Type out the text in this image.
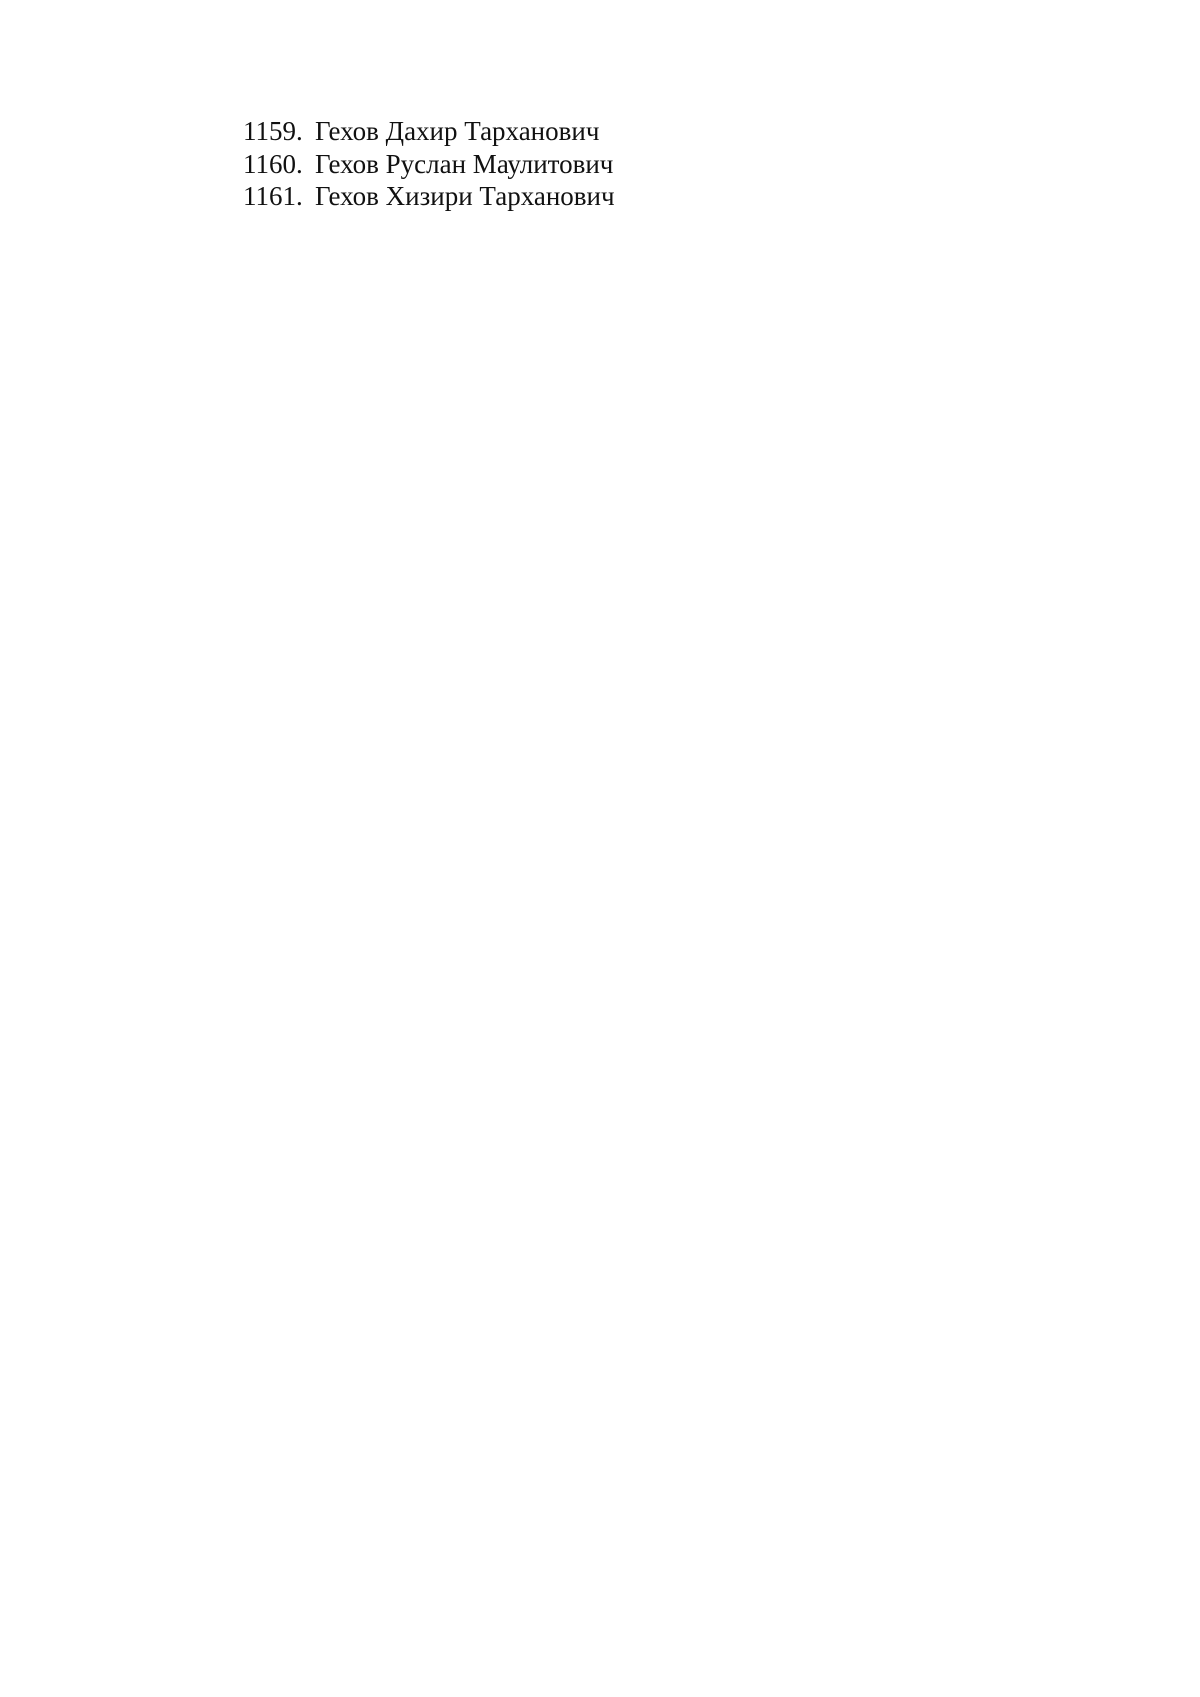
1159. Гехов Дахир Тарханович
1160. Гехов Руслан Маулитович
1161. Гехов Хизири Тарханович
